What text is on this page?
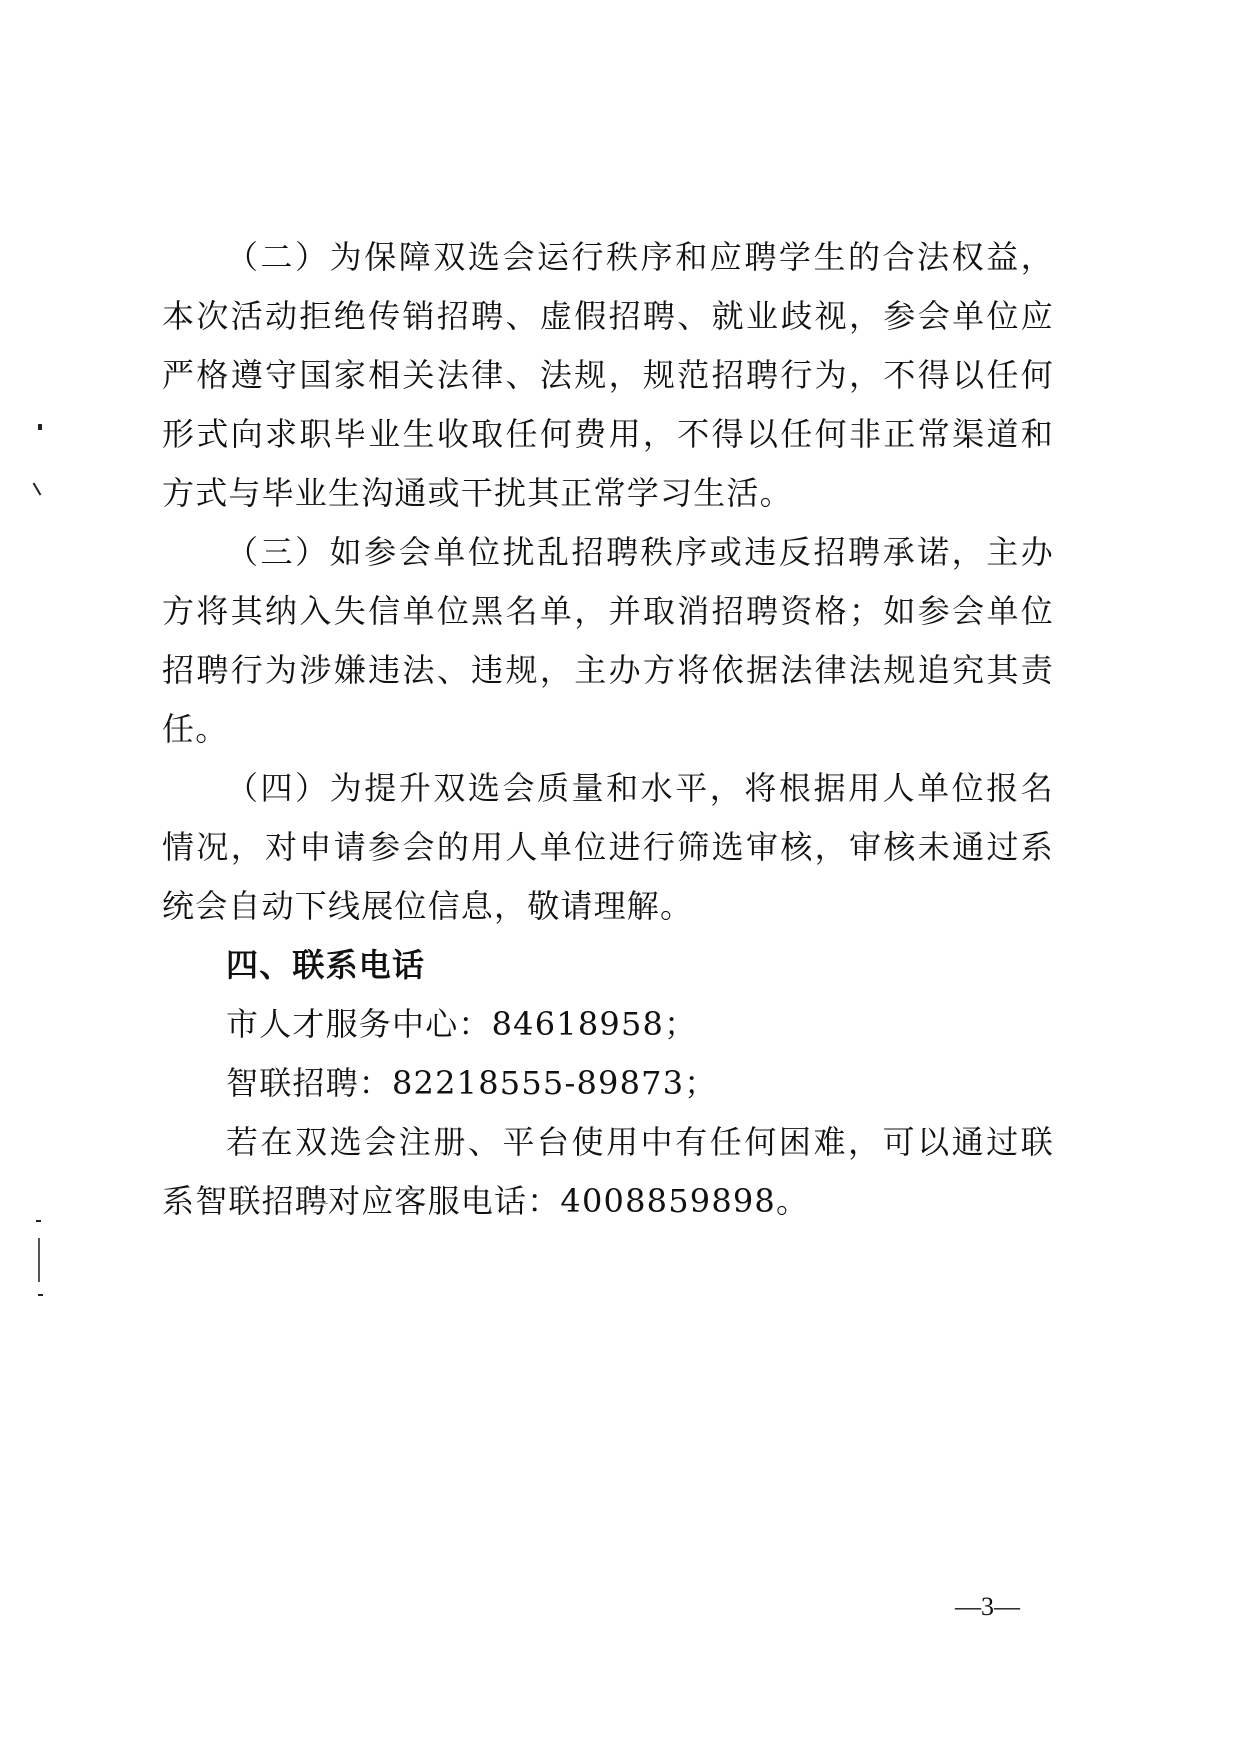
（二）为保障双选会运行秩序和应聘学生的合法权益，本次活动拒绝传销招聘、虚假招聘、就业歧视，参会单位应严格遵守国家相关法律、法规，规范招聘行为，不得以任何形式向求职毕业生收取任何费用，不得以任何非正常渠道和方式与毕业生沟通或干扰其正常学习生活。

（三）如参会单位扰乱招聘秩序或违反招聘承诺，主办方将其纳入失信单位黑名单，并取消招聘资格；如参会单位招聘行为涉嫌违法、违规，主办方将依据法律法规追究其责任。

（四）为提升双选会质量和水平，将根据用人单位报名情况，对申请参会的用人单位进行筛选审核，审核未通过系统会自动下线展位信息，敬请理解。

四、联系电话

市人才服务中心：84618958；

智联招聘：82218555-89873；

若在双选会注册、平台使用中有任何困难，可以通过联系智联招聘对应客服电话：4008859898。

—3—
